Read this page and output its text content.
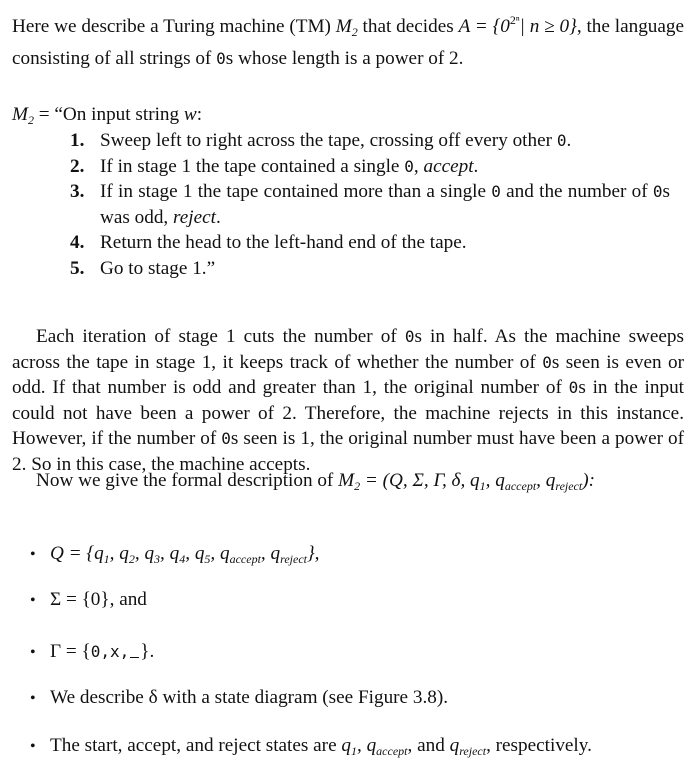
Here we describe a Turing machine (TM) $M_2$ that decides $A = \{0^{2^n}|$ n ≥ 0}, the language consisting of all strings of 0s whose length is a power of 2.

$M_2$ = “On input string w:
1. Sweep left to right across the tape, crossing off every other 0.
2. If in stage 1 the tape contained a single 0, accept.
3. If in stage 1 the tape contained more than a single 0 and the number of 0s was odd, reject.
4. Return the head to the left-hand end of the tape.
5. Go to stage 1.”

Each iteration of stage 1 cuts the number of 0s in half. As the machine sweeps across the tape in stage 1, it keeps track of whether the number of 0s seen is even or odd. If that number is odd and greater than 1, the original number of 0s in the input could not have been a power of 2. Therefore, the machine rejects in this instance. However, if the number of 0s seen is 1, the original number must have been a power of 2. So in this case, the machine accepts.

Now we give the formal description of $M_2 = (Q$, Σ, Γ, δ, $q_1$, $q_{accept}$, $q_{reject}$):

• $Q = \{q_1$, $q_2$, $q_3$, $q_4$, $q_5$, $q_{accept}$, $q_{reject}$},
• Σ = {0}, and
• Γ = {0,x, }.
• We describe δ with a state diagram (see Figure 3.8).
• The start, accept, and reject states are $q_1$, $q_{accept}$, and $q_{reject}$, respectively.
